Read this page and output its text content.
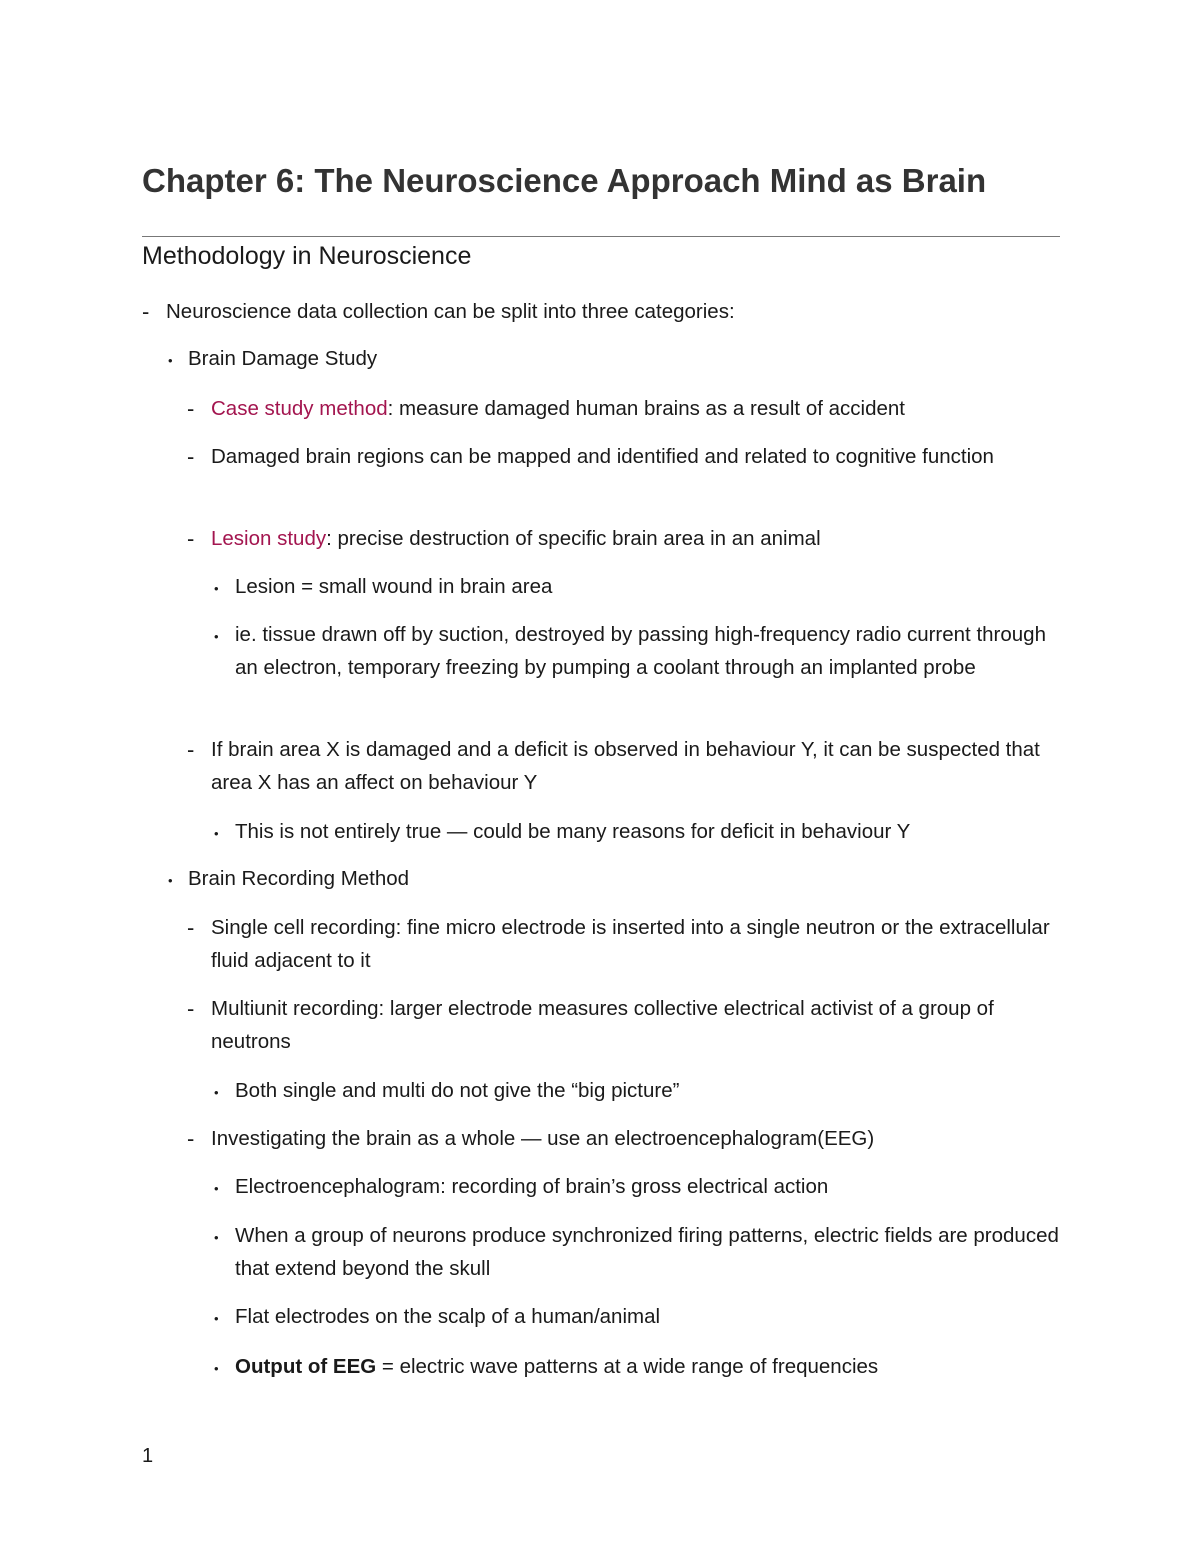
Chapter 6: The Neuroscience Approach Mind as Brain
Methodology in Neuroscience
- Neuroscience data collection can be split into three categories:
• Brain Damage Study
- Case study method: measure damaged human brains as a result of accident
- Damaged brain regions can be mapped and identified and related to cognitive function
- Lesion study: precise destruction of specific brain area in an animal
• Lesion = small wound in brain area
• ie. tissue drawn off by suction, destroyed by passing high-frequency radio current through an electron, temporary freezing by pumping a coolant through an implanted probe
- If brain area X is damaged and a deficit is observed in behaviour Y, it can be suspected that area X has an affect on behaviour Y
• This is not entirely true — could be many reasons for deficit in behaviour Y
• Brain Recording Method
- Single cell recording: fine micro electrode is inserted into a single neutron or the extracellular fluid adjacent to it
- Multiunit recording: larger electrode measures collective electrical activist of a group of neutrons
• Both single and multi do not give the “big picture”
- Investigating the brain as a whole — use an electroencephalogram(EEG)
• Electroencephalogram: recording of brain’s gross electrical action
• When a group of neurons produce synchronized firing patterns, electric fields are produced that extend beyond the skull
• Flat electrodes on the scalp of a human/animal
• Output of EEG = electric wave patterns at a wide range of frequencies
1
